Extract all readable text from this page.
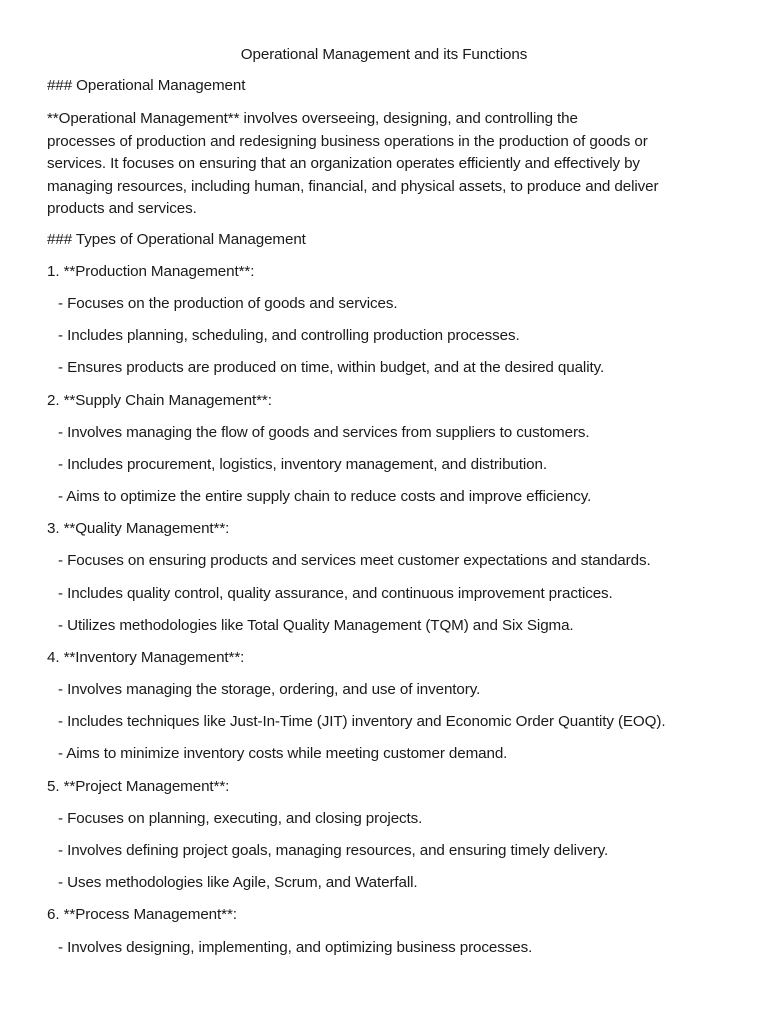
Operational Management and its Functions
### Operational Management
**Operational Management** involves overseeing, designing, and controlling the
processes of production and redesigning business operations in the production of goods or
services. It focuses on ensuring that an organization operates efficiently and effectively by
managing resources, including human, financial, and physical assets, to produce and deliver
products and services.
### Types of Operational Management
1. **Production Management**:
- Focuses on the production of goods and services.
- Includes planning, scheduling, and controlling production processes.
- Ensures products are produced on time, within budget, and at the desired quality.
2. **Supply Chain Management**:
- Involves managing the flow of goods and services from suppliers to customers.
- Includes procurement, logistics, inventory management, and distribution.
- Aims to optimize the entire supply chain to reduce costs and improve efficiency.
3. **Quality Management**:
- Focuses on ensuring products and services meet customer expectations and standards.
- Includes quality control, quality assurance, and continuous improvement practices.
- Utilizes methodologies like Total Quality Management (TQM) and Six Sigma.
4. **Inventory Management**:
- Involves managing the storage, ordering, and use of inventory.
- Includes techniques like Just-In-Time (JIT) inventory and Economic Order Quantity (EOQ).
- Aims to minimize inventory costs while meeting customer demand.
5. **Project Management**:
- Focuses on planning, executing, and closing projects.
- Involves defining project goals, managing resources, and ensuring timely delivery.
- Uses methodologies like Agile, Scrum, and Waterfall.
6. **Process Management**:
- Involves designing, implementing, and optimizing business processes.
